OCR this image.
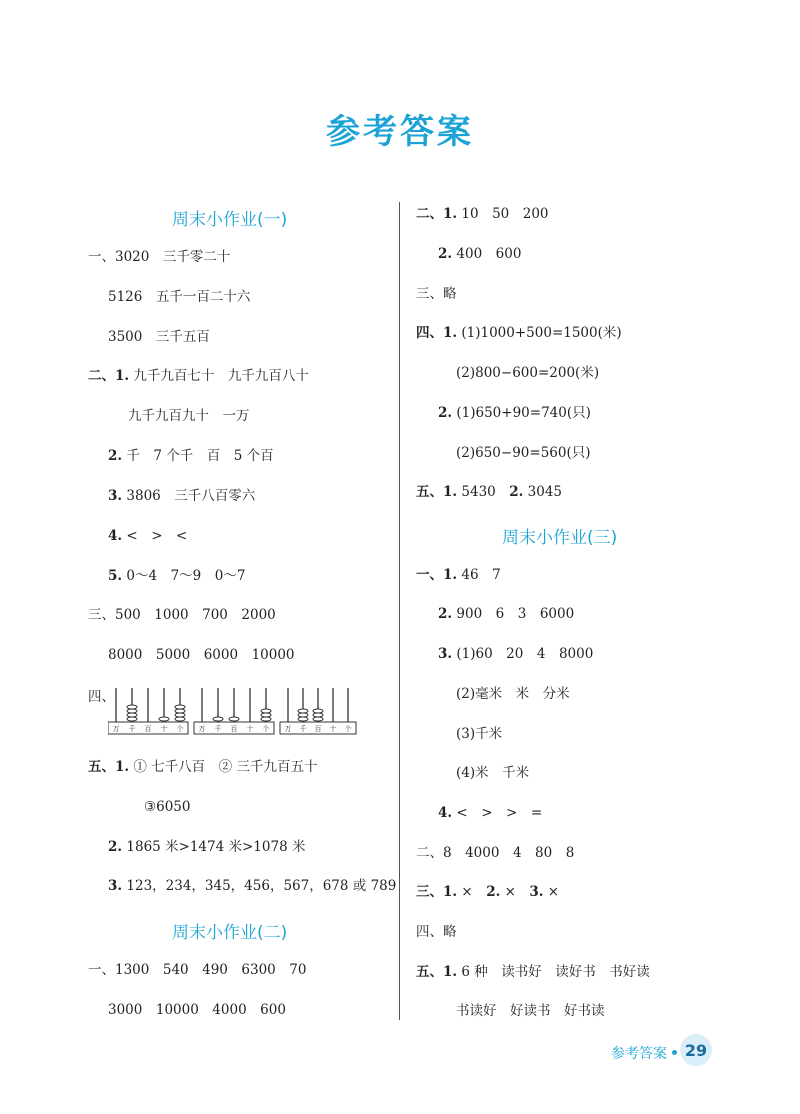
参考答案
周末小作业(一)
一、3020　三千零二十
5126　五千一百二十六
3500　三千五百
二、1. 九千九百七十　九千九百八十
九千九百九十　一万
2. 千　7 个千　百　5 个百
3. 3806　三千八百零六
4. <　>　<
5. 0～4　7～9　0～7
三、500　1000　700　2000
8000　5000　6000　10000
四、
万 千 百 十 个 万 千 百 十 个 万 千 百 十 个
五、1. ① 七千八百　② 三千九百五十
③6050
2. 1865 米>1474 米>1078 米
3. 123，234，345，456，567，678 或 789
周末小作业(二)
一、1300　540　490　6300　70
3000　10000　4000　600
二、1. 10　50　200
2. 400　600
三、略
四、1. (1)1000+500=1500(米)
(2)800−600=200(米)
2. (1)650+90=740(只)
(2)650−90=560(只)
五、1. 5430　2. 3045
周末小作业(三)
一、1. 46　7
2. 900　6　3　6000
3. (1)60　20　4　8000
(2)毫米　米　分米
(3)千米
(4)米　千米
4. <　>　>　=
二、8　4000　4　80　8
三、1. ×　2. ×　3. ×
四、略
五、1. 6 种　读书好　读好书　书好读
书读好　好读书　好书读
参考答案	29
